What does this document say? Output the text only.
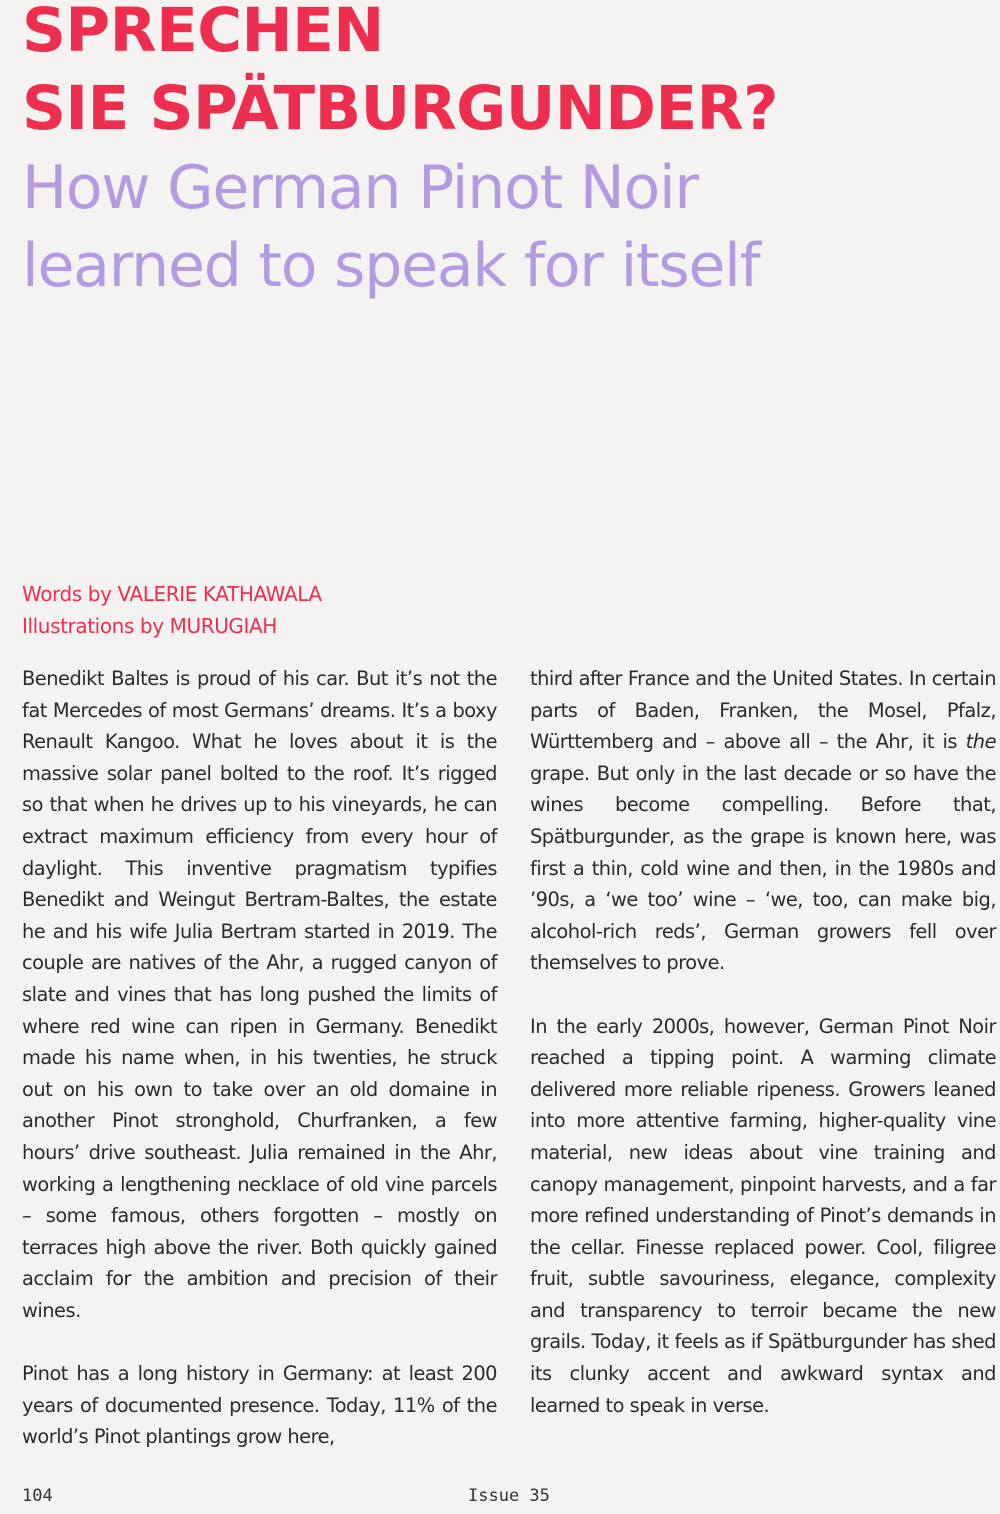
SPRECHEN
SIE SPÄTBURGUNDER?
How German Pinot Noir
learned to speak for itself
Words by VALERIE KATHAWALA
Illustrations by MURUGIAH

Benedikt Baltes is proud of his car. But it’s not the fat Mercedes of most Germans’ dreams. It’s a boxy Renault Kangoo. What he loves about it is the massive solar panel bolted to the roof. It’s rigged so that when he drives up to his vineyards, he can extract maximum efficiency from every hour of daylight. This inventive pragmatism typifies Benedikt and Weingut Bertram-Baltes, the estate he and his wife Julia Bertram started in 2019. The couple are natives of the Ahr, a rugged canyon of slate and vines that has long pushed the limits of where red wine can ripen in Germany. Benedikt made his name when, in his twenties, he struck out on his own to take over an old domaine in another Pinot stronghold, Churfranken, a few hours’ drive southeast. Julia remained in the Ahr, working a lengthening necklace of old vine parcels – some famous, others forgotten – mostly on terraces high above the river. Both quickly gained acclaim for the ambition and precision of their wines.

Pinot has a long history in Germany: at least 200 years of documented presence. Today, 11% of the world’s Pinot plantings grow here,

third after France and the United States. In certain parts of Baden, Franken, the Mosel, Pfalz, Württemberg and – above all – the Ahr, it is the grape. But only in the last decade or so have the wines become compelling. Before that, Spätburgunder, as the grape is known here, was first a thin, cold wine and then, in the 1980s and ’90s, a ‘we too’ wine – ‘we, too, can make big, alcohol-rich reds’, German growers fell over themselves to prove.

In the early 2000s, however, German Pinot Noir reached a tipping point. A warming climate delivered more reliable ripeness. Growers leaned into more attentive farming, higher-quality vine material, new ideas about vine training and canopy management, pinpoint harvests, and a far more refined understanding of Pinot’s demands in the cellar. Finesse replaced power. Cool, filigree fruit, subtle savouriness, elegance, complexity and transparency to terroir became the new grails. Today, it feels as if Spätburgunder has shed its clunky accent and awkward syntax and learned to speak in verse.

104	Issue 35
